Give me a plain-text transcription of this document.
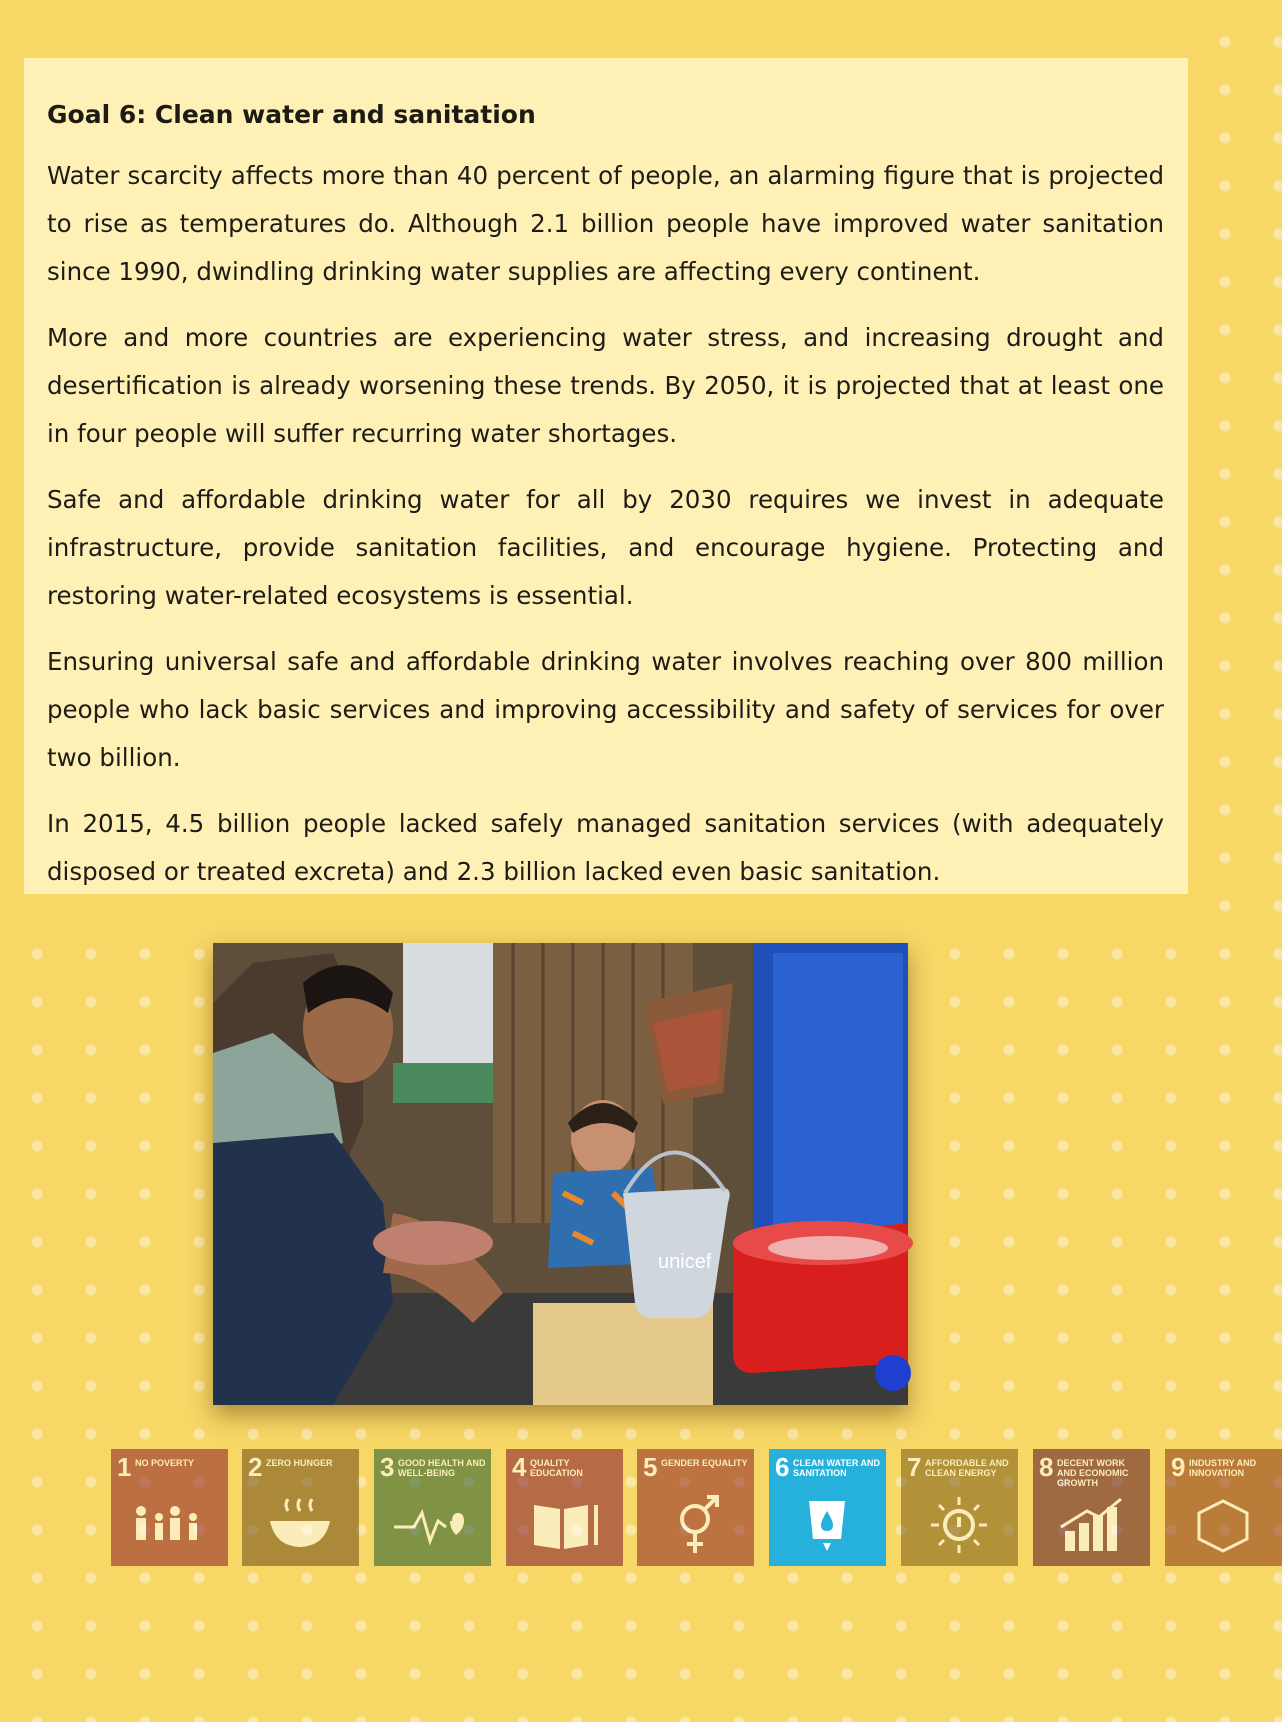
Goal 6: Clean water and sanitation

Water scarcity affects more than 40 percent of people, an alarming figure that is projected to rise as temperatures do. Although 2.1 billion people have improved water sanitation since 1990, dwindling drinking water supplies are affecting every continent.

More and more countries are experiencing water stress, and increasing drought and desertification is already worsening these trends. By 2050, it is projected that at least one in four people will suffer recurring water shortages.

Safe and affordable drinking water for all by 2030 requires we invest in adequate infrastructure, provide sanitation facilities, and encourage hygiene. Protecting and restoring water-related ecosystems is essential.

Ensuring universal safe and affordable drinking water involves reaching over 800 million people who lack basic services and improving accessibility and safety of services for over two billion.

In 2015, 4.5 billion people lacked safely managed sanitation services (with adequately disposed or treated excreta) and 2.3 billion lacked even basic sanitation.

unicef
1 NO POVERTY	2 ZERO HUNGER	3 GOOD HEALTH AND WELL-BEING	4 QUALITY EDUCATION	5 GENDER EQUALITY 6 CLEAN WATER AND SANITATION	7 AFFORDABLE AND CLEAN ENERGY	8 DECENT WORK AND ECONOMIC GROWTH
9 INDUSTRY AND INNOVATION
